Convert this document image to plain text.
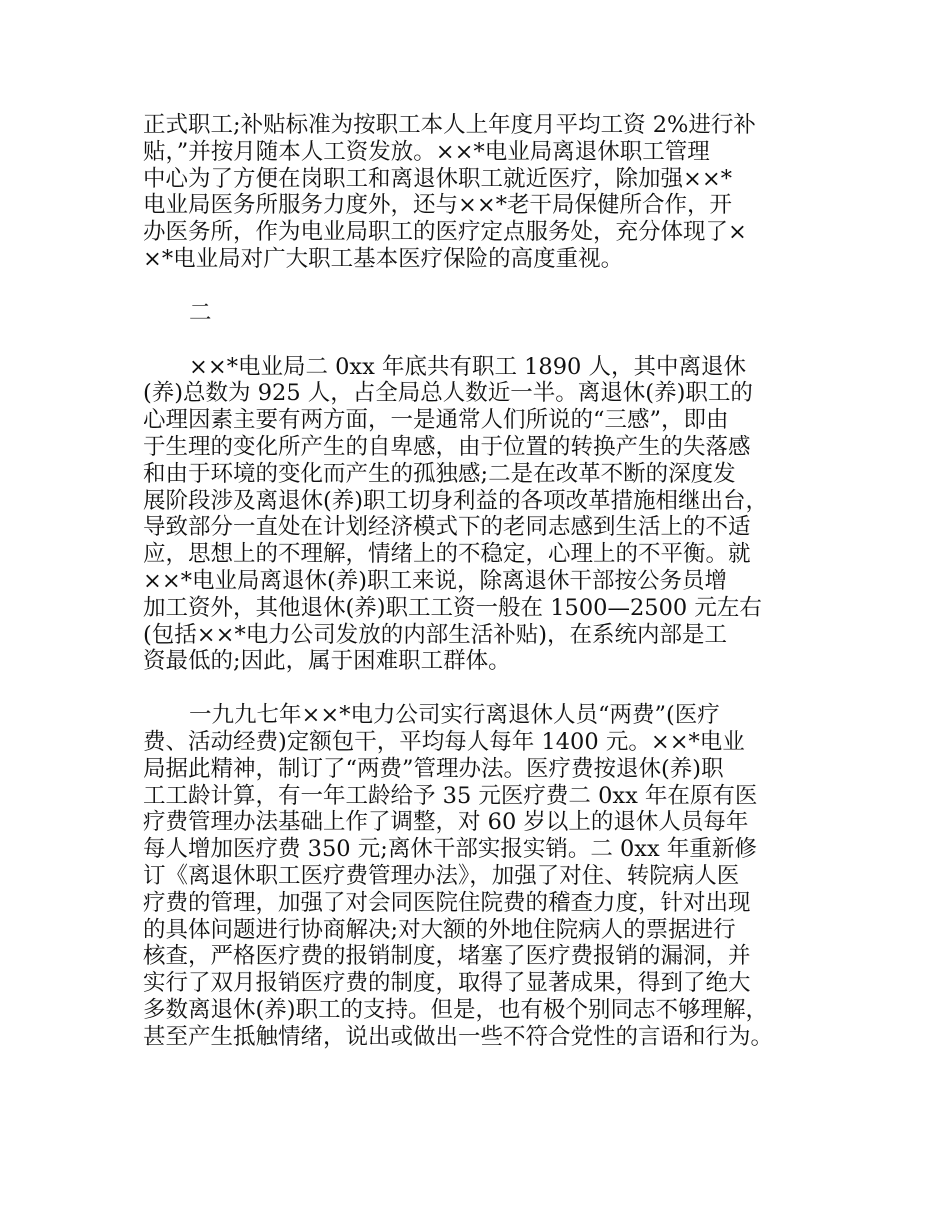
正式职工;补贴标准为按职工本人上年度月平均工资 2%进行补
贴，”并按月随本人工资发放。××*电业局离退休职工管理
中心为了方便在岗职工和离退休职工就近医疗，除加强××*
电业局医务所服务力度外，还与××*老干局保健所合作，开
办医务所，作为电业局职工的医疗定点服务处，充分体现了×
×*电业局对广大职工基本医疗保险的高度重视。
二
××*电业局二 0xx 年底共有职工 1890 人，其中离退休
(养)总数为 925 人，占全局总人数近一半。离退休(养)职工的
心理因素主要有两方面，一是通常人们所说的“三感”，即由
于生理的变化所产生的自卑感，由于位置的转换产生的失落感
和由于环境的变化而产生的孤独感;二是在改革不断的深度发
展阶段涉及离退休(养)职工切身利益的各项改革措施相继出台，
导致部分一直处在计划经济模式下的老同志感到生活上的不适
应，思想上的不理解，情绪上的不稳定，心理上的不平衡。就
××*电业局离退休(养)职工来说，除离退休干部按公务员增
加工资外，其他退休(养)职工工资一般在 1500—2500 元左右
(包括××*电力公司发放的内部生活补贴)，在系统内部是工
资最低的;因此，属于困难职工群体。
一九九七年××*电力公司实行离退休人员“两费”(医疗
费、活动经费)定额包干，平均每人每年 1400 元。××*电业
局据此精神，制订了“两费”管理办法。医疗费按退休(养)职
工工龄计算，有一年工龄给予 35 元医疗费二 0xx 年在原有医
疗费管理办法基础上作了调整，对 60 岁以上的退休人员每年
每人增加医疗费 350 元;离休干部实报实销。二 0xx 年重新修
订《离退休职工医疗费管理办法》，加强了对住、转院病人医
疗费的管理，加强了对会同医院住院费的稽查力度，针对出现
的具体问题进行协商解决;对大额的外地住院病人的票据进行
核查，严格医疗费的报销制度，堵塞了医疗费报销的漏洞，并
实行了双月报销医疗费的制度，取得了显著成果，得到了绝大
多数离退休(养)职工的支持。但是，也有极个别同志不够理解，
甚至产生抵触情绪，说出或做出一些不符合党性的言语和行为。
